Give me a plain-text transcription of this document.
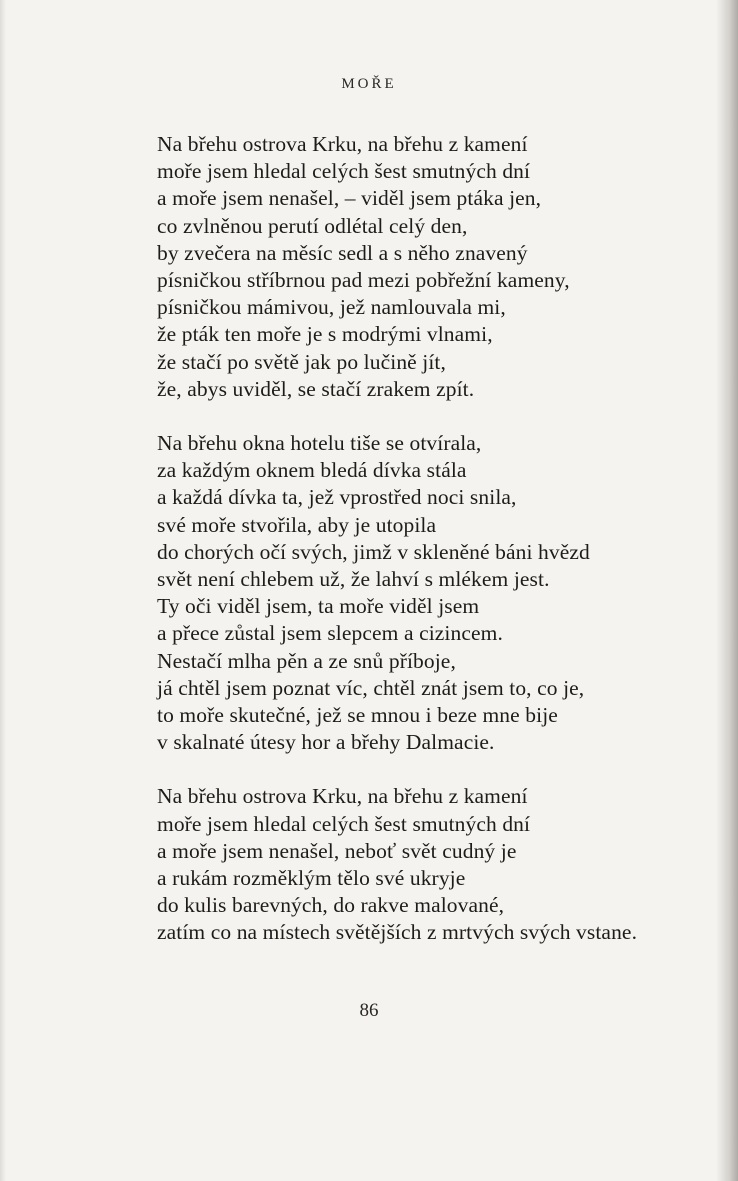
MOŘE

Na břehu ostrova Krku, na břehu z kamení
moře jsem hledal celých šest smutných dní
a moře jsem nenašel, – viděl jsem ptáka jen,
co zvlněnou perutí odlétal celý den,
by zvečera na měsíc sedl a s něho znavený
písničkou stříbrnou pad mezi pobřežní kameny,
písničkou mámivou, jež namlouvala mi,
že pták ten moře je s modrými vlnami,
že stačí po světě jak po lučině jít,
že, abys uviděl, se stačí zrakem zpít.

Na břehu okna hotelu tiše se otvírala,
za každým oknem bledá dívka stála
a každá dívka ta, jež vprostřed noci snila,
své moře stvořila, aby je utopila
do chorých očí svých, jimž v skleněné báni hvězd
svět není chlebem už, že lahví s mlékem jest.
Ty oči viděl jsem, ta moře viděl jsem
a přece zůstal jsem slepcem a cizincem.
Nestačí mlha pěn a ze snů příboje,
já chtěl jsem poznat víc, chtěl znát jsem to, co je,
to moře skutečné, jež se mnou i beze mne bije
v skalnaté útesy hor a břehy Dalmacie.

Na břehu ostrova Krku, na břehu z kamení
moře jsem hledal celých šest smutných dní
a moře jsem nenašel, neboť svět cudný je
a rukám rozměklým tělo své ukryje
do kulis barevných, do rakve malované,
zatím co na místech světějších z mrtvých svých vstane.

86
